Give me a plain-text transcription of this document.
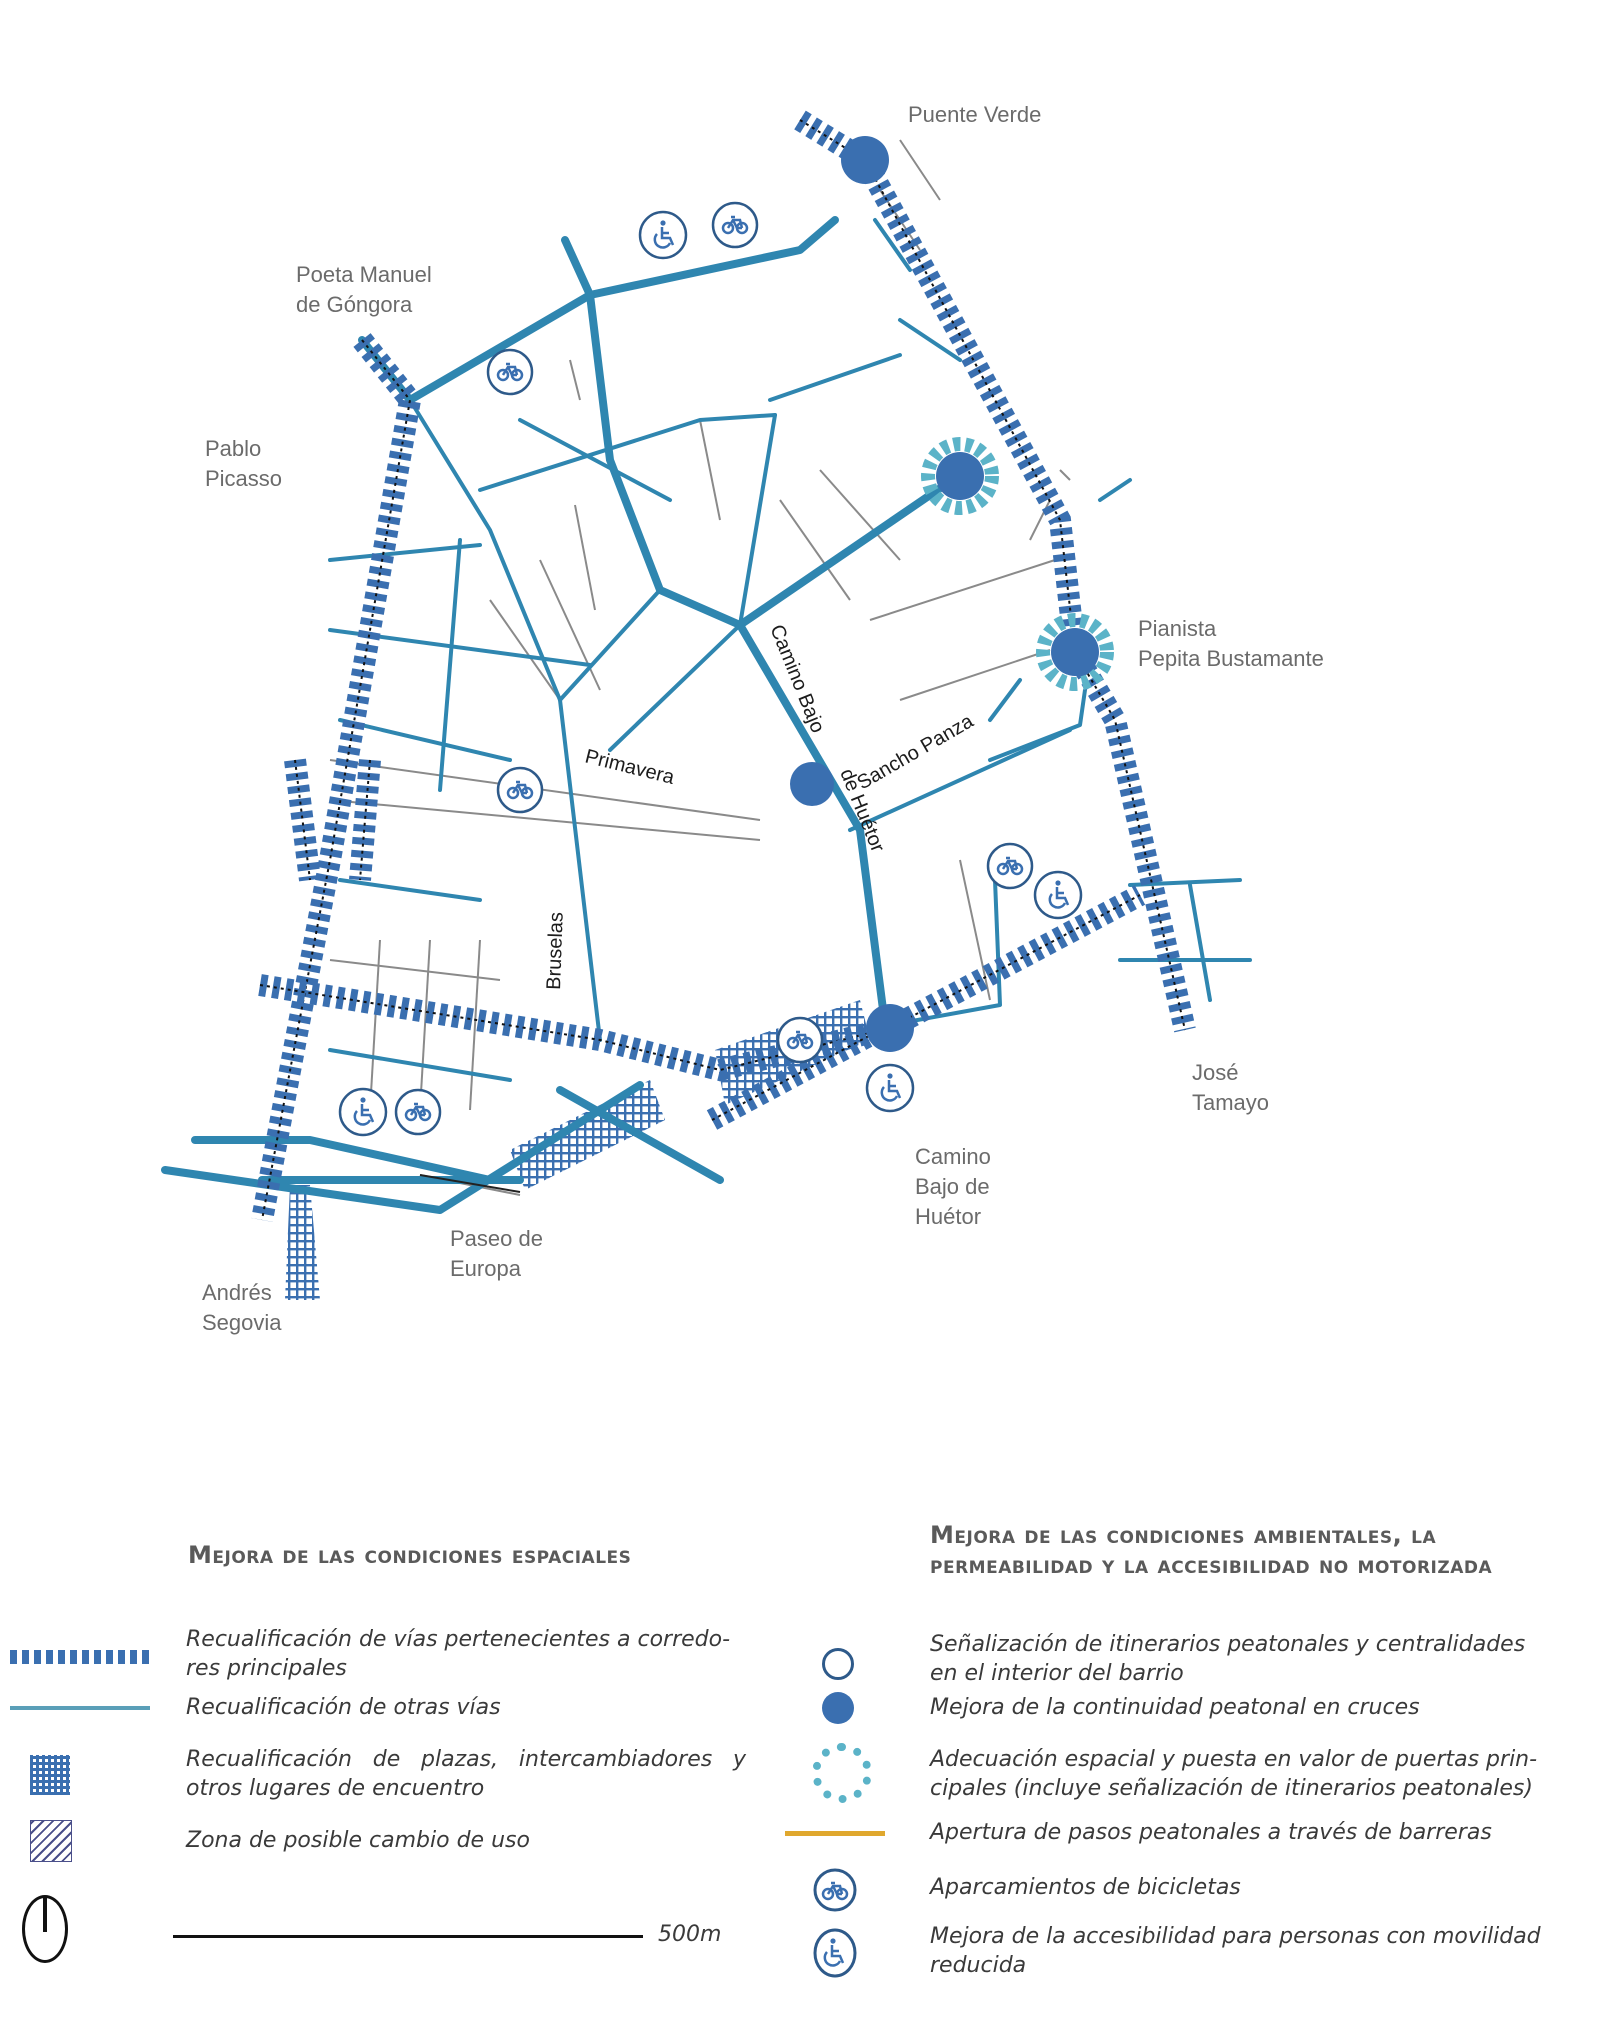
Puente Verde
Poeta Manuel de Góngora
Pablo Picasso
Pianista Pepita Bustamante
José Tamayo
Camino Bajo de Huétor
Paseo de Europa
Andrés Segovia
Camino Bajo
de Huétor
Sancho Panza
Primavera
Bruselas
Mejora de las condiciones espaciales
Recualificación de vías pertenecientes a corredo-res principales
Recualificación de otras vías
Recualificación de plazas, intercambiadores y otros lugares de encuentro
Zona de posible cambio de uso
500m
Mejora de las condiciones ambientales, la
permeabilidad y la accesibilidad no motorizada
Señalización de itinerarios peatonales y centralidades
en el interior del barrio
Mejora de la continuidad peatonal en cruces
Adecuación espacial y puesta en valor de puertas prin-
cipales (incluye señalización de itinerarios peatonales)
Apertura de pasos peatonales a través de barreras
Aparcamientos de bicicletas
Mejora de la accesibilidad para personas con movilidad
reducida
